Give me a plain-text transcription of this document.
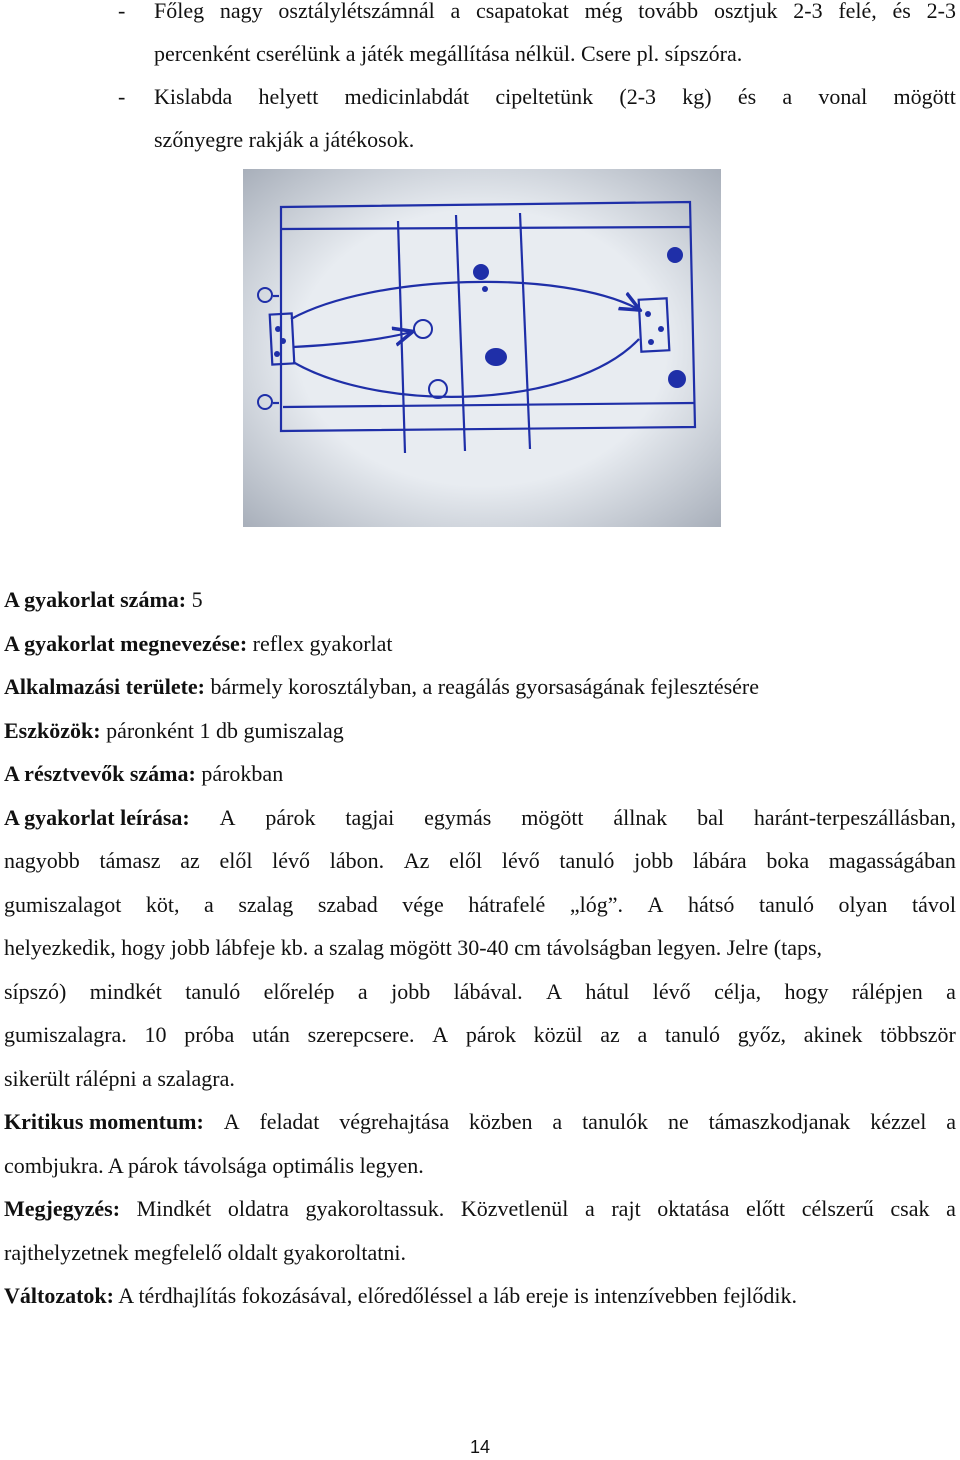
- Főleg nagy osztálylétszámnál a csapatokat még tovább osztjuk 2-3 felé, és 2-3
percenként cserélünk a játék megállítása nélkül. Csere pl. sípszóra.
- Kislabda helyett medicinlabdát cipeltetünk (2-3 kg) és a vonal mögött
szőnyegre rakják a játékosok.
A gyakorlat száma: 5
A gyakorlat megnevezése: reflex gyakorlat
Alkalmazási területe: bármely korosztályban, a reagálás gyorsaságának fejlesztésére
Eszközök: páronként 1 db gumiszalag
A résztvevők száma: párokban
A gyakorlat leírása: A párok tagjai egymás mögött állnak bal haránt-terpeszállásban,
nagyobb támasz az elől lévő lábon. Az elől lévő tanuló jobb lábára boka magasságában
gumiszalagot köt, a szalag szabad vége hátrafelé „lóg”. A hátsó tanuló olyan távol
helyezkedik, hogy jobb lábfeje kb. a szalag mögött 30-40 cm távolságban legyen. Jelre (taps,
sípszó) mindkét tanuló előrelép a jobb lábával. A hátul lévő célja, hogy rálépjen a
gumiszalagra. 10 próba után szerepcsere. A párok közül az a tanuló győz, akinek többször
sikerült rálépni a szalagra.
Kritikus momentum: A feladat végrehajtása közben a tanulók ne támaszkodjanak kézzel a
combjukra. A párok távolsága optimális legyen.
Megjegyzés: Mindkét oldatra gyakoroltassuk. Közvetlenül a rajt oktatása előtt célszerű csak a
rajthelyzetnek megfelelő oldalt gyakoroltatni.
Változatok: A térdhajlítás fokozásával, előredőléssel a láb ereje is intenzívebben fejlődik.
14
